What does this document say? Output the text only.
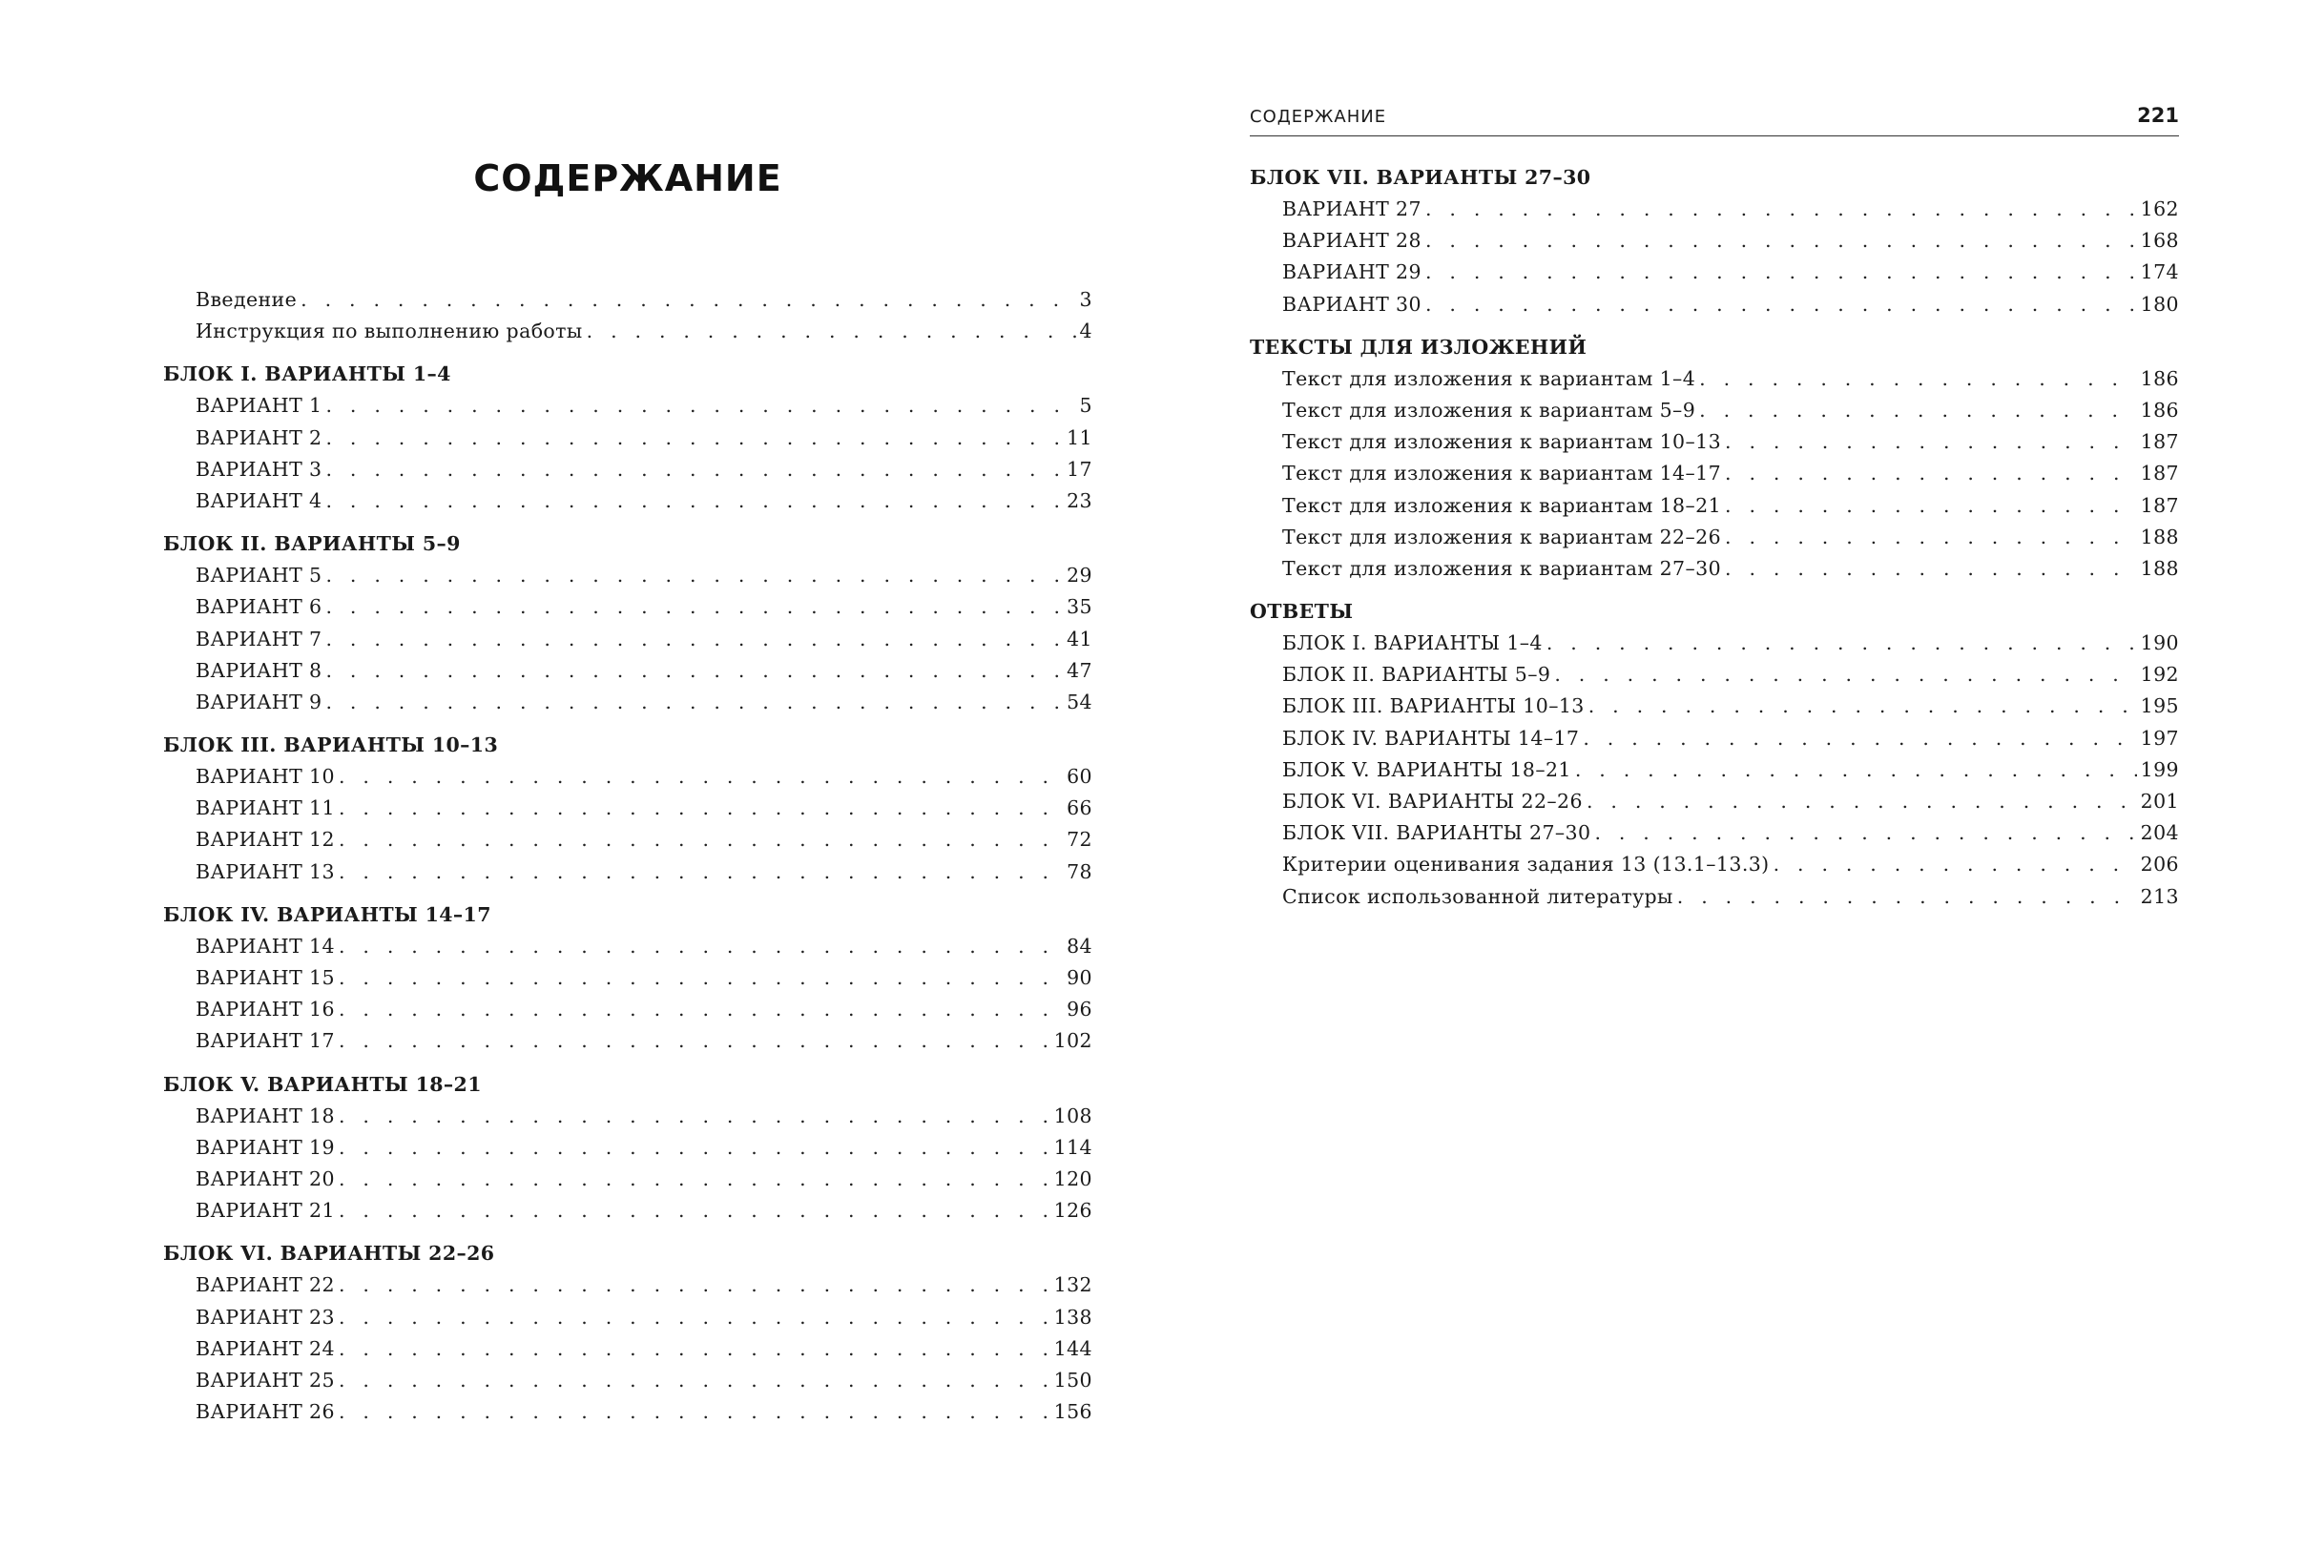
СОДЕРЖАНИЕ
Введение . . .	3
Инструкция по выполнению работы . . .	4
БЛОК I. ВАРИАНТЫ 1–4
ВАРИАНТ 1 . . .	5
ВАРИАНТ 2 . . .	11
ВАРИАНТ 3 . . .	17
ВАРИАНТ 4 . . .	23
БЛОК II. ВАРИАНТЫ 5–9
ВАРИАНТ 5 . . .	29
ВАРИАНТ 6 . . .	35
ВАРИАНТ 7 . . .	41
ВАРИАНТ 8 . . .	47
ВАРИАНТ 9 . . .	54
БЛОК III. ВАРИАНТЫ 10–13
ВАРИАНТ 10 . . .	60
ВАРИАНТ 11 . . .	66
ВАРИАНТ 12 . . .	72
ВАРИАНТ 13 . . .	78
БЛОК IV. ВАРИАНТЫ 14–17
ВАРИАНТ 14 . . .	84
ВАРИАНТ 15 . . .	90
ВАРИАНТ 16 . . .	96
ВАРИАНТ 17 . . .	102
БЛОК V. ВАРИАНТЫ 18–21
ВАРИАНТ 18 . . .	108
ВАРИАНТ 19 . . .	114
ВАРИАНТ 20 . . .	120
ВАРИАНТ 21 . . .	126
БЛОК VI. ВАРИАНТЫ 22–26
ВАРИАНТ 22 . . .	132
ВАРИАНТ 23 . . .	138
ВАРИАНТ 24 . . .	144
ВАРИАНТ 25 . . .	150
ВАРИАНТ 26 . . .	156
СОДЕРЖАНИЕ	221
БЛОК VII. ВАРИАНТЫ 27–30
ВАРИАНТ 27 . . .	162
ВАРИАНТ 28 . . .	168
ВАРИАНТ 29 . . .	174
ВАРИАНТ 30 . . .	180
ТЕКСТЫ ДЛЯ ИЗЛОЖЕНИЙ
Текст для изложения к вариантам 1–4 . . .	186
Текст для изложения к вариантам 5–9 . . .	186
Текст для изложения к вариантам 10–13 . . .	187
Текст для изложения к вариантам 14–17 . . .	187
Текст для изложения к вариантам 18–21 . . .	187
Текст для изложения к вариантам 22–26 . . .	188
Текст для изложения к вариантам 27–30 . . .	188
ОТВЕТЫ
БЛОК I. ВАРИАНТЫ 1–4 . . .	190
БЛОК II. ВАРИАНТЫ 5–9 . . .	192
БЛОК III. ВАРИАНТЫ 10–13 . . .	195
БЛОК IV. ВАРИАНТЫ 14–17 . . .	197
БЛОК V. ВАРИАНТЫ 18–21 . . .	199
БЛОК VI. ВАРИАНТЫ 22–26 . . .	201
БЛОК VII. ВАРИАНТЫ 27–30 . . .	204
Критерии оценивания задания 13 (13.1–13.3) . . .	206
Список использованной литературы . . .	213
